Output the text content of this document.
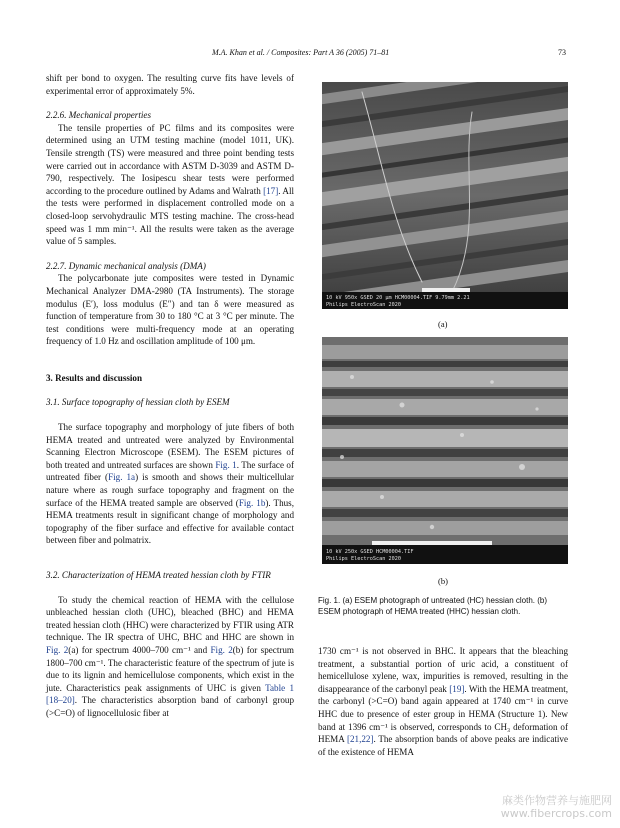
M.A. Khan et al. / Composites: Part A 36 (2005) 71–81	73

shift per bond to oxygen. The resulting curve fits have levels of experimental error of approximately 5%.

2.2.6. Mechanical properties

The tensile properties of PC films and its composites were determined using an UTM testing machine (model 1011, UK). Tensile strength (TS) were measured and three point bending tests were carried out in accordance with ASTM D-3039 and ASTM D-790, respectively. The Iosipescu shear tests were performed according to the procedure outlined by Adams and Walrath [17]. All the tests were performed in displacement controlled mode on a closed-loop servohydraulic MTS testing machine. The cross-head speed was 1 mm min⁻¹. All the results were taken as the average value of 5 samples.

2.2.7. Dynamic mechanical analysis (DMA)

The polycarbonate jute composites were tested in Dynamic Mechanical Analyzer DMA-2980 (TA Instruments). The storage modulus (E′), loss modulus (E″) and tan δ were measured as function of temperature from 30 to 180 °C at 3 °C per minute. The test conditions were multi-frequency mode at an operating frequency of 1.0 Hz and oscillation amplitude of 100 μm.

3. Results and discussion

3.1. Surface topography of hessian cloth by ESEM

The surface topography and morphology of jute fibers of both HEMA treated and untreated were analyzed by Environmental Scanning Electron Microscope (ESEM). The ESEM pictures of both treated and untreated surfaces are shown Fig. 1. The surface of untreated fiber (Fig. 1a) is smooth and shows their multicellular nature where as rough surface topography and fragment on the surface of the HEMA treated sample are observed (Fig. 1b). Thus, HEMA treatments result in significant change of morphology and topography of the fiber surface and effective for available contact between fiber and polmatrix.

3.2. Characterization of HEMA treated hessian cloth by FTIR

To study the chemical reaction of HEMA with the cellulose unbleached hessian cloth (UHC), bleached (BHC) and HEMA treated hessian cloth (HHC) were characterized by FTIR using ATR technique. The IR spectra of UHC, BHC and HHC are shown in Fig. 2(a) for spectrum 4000–700 cm⁻¹ and Fig. 2(b) for spectrum 1800–700 cm⁻¹. The characteristic feature of the spectrum of jute is due to its lignin and hemicellulose components, which exist in the jute. Characteristics peak assignments of UHC is given Table 1 [18–20]. The characteristics absorption band of carbonyl group (>C=O) of lignocellulosic fiber at

10 kV 950x GSED 20 μm HCM00004.TIF 9.79mm 2.21
Philips ElectroScan 2020
(a)
10 kV 250x GSED HCM00004.TIF
Philips ElectroScan 2020
(b)
Fig. 1. (a) ESEM photograph of untreated (HC) hessian cloth. (b) ESEM photograph of HEMA treated (HHC) hessian cloth.

1730 cm⁻¹ is not observed in BHC. It appears that the bleaching treatment, a substantial portion of uric acid, a constituent of hemicellulose xylene, wax, impurities is removed, resulting in the disappearance of the carbonyl peak [19]. With the HEMA treatment, the carbonyl (>C=O) band again appeared at 1740 cm⁻¹ in curve HHC due to presence of ester group in HEMA (Structure 1). New band at 1396 cm⁻¹ is observed, corresponds to CH₃ deformation of HEMA [21,22]. The absorption bands of above peaks are indicative of the existence of HEMA

麻类作物营养与施肥网
www.fibercrops.com
